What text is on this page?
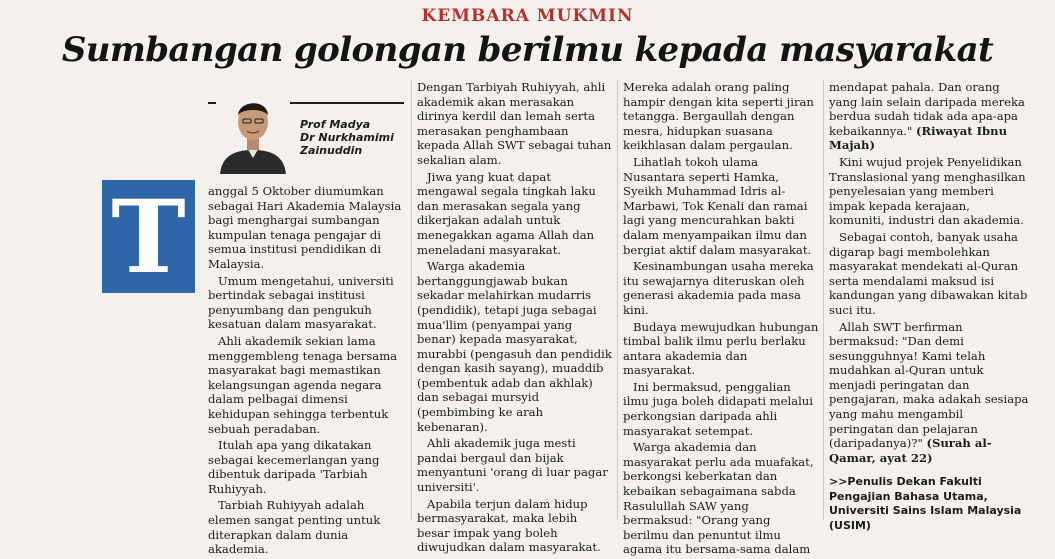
KEMBARA MUKMIN
Sumbangan golongan berilmu kepada masyarakat
Prof Madya
Dr Nurkhamimi
Zainuddin
T anggal 5 Oktober diumumkan sebagai Hari Akademia Malaysia bagi menghargai sumbangan kumpulan tenaga pengajar di semua institusi pendidikan di Malaysia.

Umum mengetahui, universiti bertindak sebagai institusi penyumbang dan pengukuh kesatuan dalam masyarakat.

Ahli akademik sekian lama menggembleng tenaga bersama masyarakat bagi memastikan kelangsungan agenda negara dalam pelbagai dimensi kehidupan sehingga terbentuk sebuah peradaban.

Itulah apa yang dikatakan sebagai kecemerlangan yang dibentuk daripada 'Tarbiah Ruhiyyah.

Tarbiah Ruhiyyah adalah elemen sangat penting untuk diterapkan dalam dunia akademia.

Dengan Tarbiyah Ruhiyyah, ahli akademik akan merasakan dirinya kerdil dan lemah serta merasakan penghambaan kepada Allah SWT sebagai tuhan sekalian alam.

Jiwa yang kuat dapat mengawal segala tingkah laku dan merasakan segala yang dikerjakan adalah untuk menegakkan agama Allah dan meneladani masyarakat.

Warga akademia bertanggungjawab bukan sekadar melahirkan mudarris (pendidik), tetapi juga sebagai mua'llim (penyampai yang benar) kepada masyarakat, murabbi (pengasuh dan pendidik dengan kasih sayang), muaddib (pembentuk adab dan akhlak) dan sebagai mursyid (pembimbing ke arah kebenaran).

Ahli akademik juga mesti pandai bergaul dan bijak menyantuni 'orang di luar pagar universiti'.

Apabila terjun dalam hidup bermasyarakat, maka lebih besar impak yang boleh diwujudkan dalam masyarakat.

Mereka adalah orang paling hampir dengan kita seperti jiran tetangga. Bergaullah dengan mesra, hidupkan suasana keikhlasan dalam pergaulan.

Lihatlah tokoh ulama Nusantara seperti Hamka, Syeikh Muhammad Idris al-Marbawi, Tok Kenali dan ramai lagi yang mencurahkan bakti dalam menyampaikan ilmu dan bergiat aktif dalam masyarakat.

Kesinambungan usaha mereka itu sewajarnya diteruskan oleh generasi akademia pada masa kini.

Budaya mewujudkan hubungan timbal balik ilmu perlu berlaku antara akademia dan masyarakat.

Ini bermaksud, penggalian ilmu juga boleh didapati melalui perkongsian daripada ahli masyarakat setempat.

Warga akademia dan masyarakat perlu ada muafakat, berkongsi keberkatan dan kebaikan sebagaimana sabda Rasulullah SAW yang bermaksud: "Orang yang berilmu dan penuntut ilmu agama itu bersama-sama dalam

mendapat pahala. Dan orang yang lain selain daripada mereka berdua sudah tidak ada apa-apa kebaikannya." (Riwayat Ibnu Majah)

Kini wujud projek Penyelidikan Translasional yang menghasilkan penyelesaian yang memberi impak kepada kerajaan, komuniti, industri dan akademia.

Sebagai contoh, banyak usaha digarap bagi membolehkan masyarakat mendekati al-Quran serta mendalami maksud isi kandungan yang dibawakan kitab suci itu.

Allah SWT berfirman bermaksud: "Dan demi sesungguhnya! Kami telah mudahkan al-Quran untuk menjadi peringatan dan pengajaran, maka adakah sesiapa yang mahu mengambil peringatan dan pelajaran (daripadanya)?" (Surah al-Qamar, ayat 22)

>>Penulis Dekan Fakulti Pengajian Bahasa Utama, Universiti Sains Islam Malaysia (USIM)
